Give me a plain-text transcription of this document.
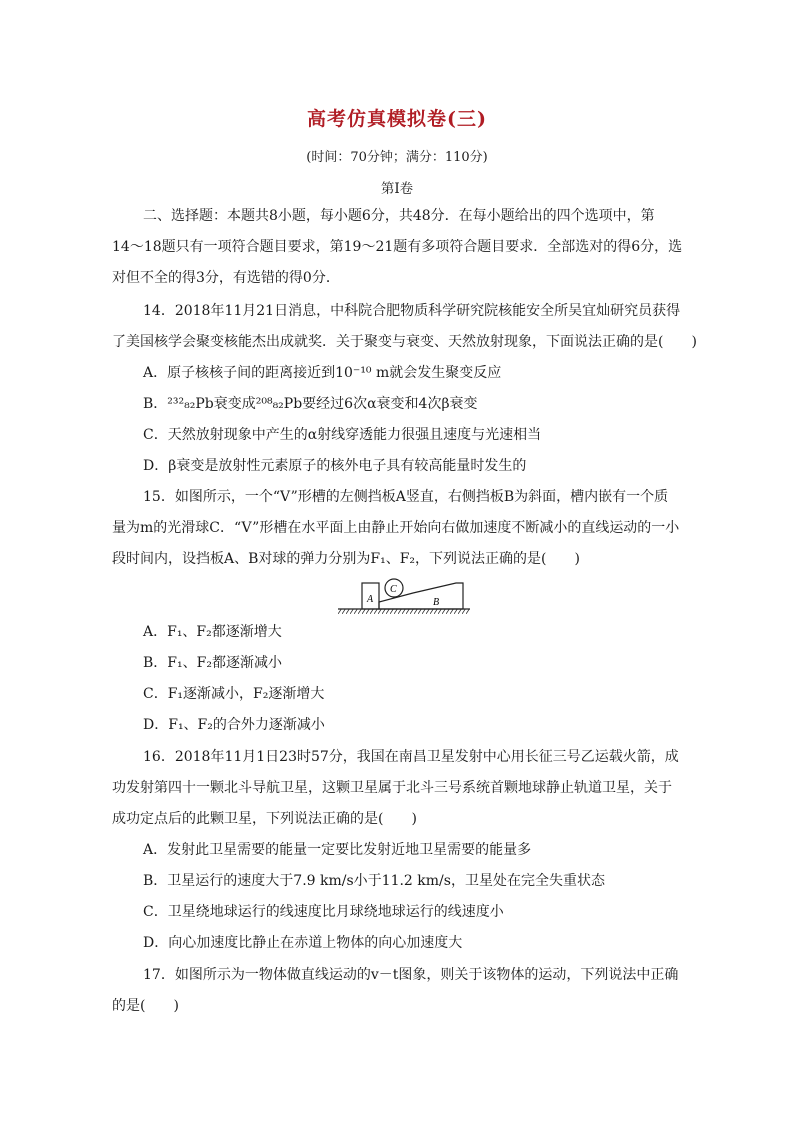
高考仿真模拟卷(三)
(时间：70分钟；满分：110分)
第Ⅰ卷
二、选择题：本题共8小题，每小题6分，共48分．在每小题给出的四个选项中，第
14～18题只有一项符合题目要求，第19～21题有多项符合题目要求．全部选对的得6分，选
对但不全的得3分，有选错的得0分．
14．2018年11月21日消息，中科院合肥物质科学研究院核能安全所吴宜灿研究员获得
了美国核学会聚变核能杰出成就奖．关于聚变与衰变、天然放射现象，下面说法正确的是(　　)
A．原子核核子间的距离接近到10⁻¹⁰ m就会发生聚变反应
B．²³²₈₂Pb衰变成²⁰⁸₈₂Pb要经过6次α衰变和4次β衰变
C．天然放射现象中产生的α射线穿透能力很强且速度与光速相当
D．β衰变是放射性元素原子的核外电子具有较高能量时发生的
15．如图所示，一个“V”形槽的左侧挡板A竖直，右侧挡板B为斜面，槽内嵌有一个质
量为m的光滑球C．“V”形槽在水平面上由静止开始向右做加速度不断减小的直线运动的一小
段时间内，设挡板A、B对球的弹力分别为F₁、F₂，下列说法正确的是(　　)
A
C
B
A．F₁、F₂都逐渐增大
B．F₁、F₂都逐渐减小
C．F₁逐渐减小，F₂逐渐增大
D．F₁、F₂的合外力逐渐减小
16．2018年11月1日23时57分，我国在南昌卫星发射中心用长征三号乙运载火箭，成
功发射第四十一颗北斗导航卫星，这颗卫星属于北斗三号系统首颗地球静止轨道卫星，关于
成功定点后的此颗卫星，下列说法正确的是(　　)
A．发射此卫星需要的能量一定要比发射近地卫星需要的能量多
B．卫星运行的速度大于7.9 km/s小于11.2 km/s，卫星处在完全失重状态
C．卫星绕地球运行的线速度比月球绕地球运行的线速度小
D．向心加速度比静止在赤道上物体的向心加速度大
17．如图所示为一物体做直线运动的v－t图象，则关于该物体的运动，下列说法中正确
的是(　　)
